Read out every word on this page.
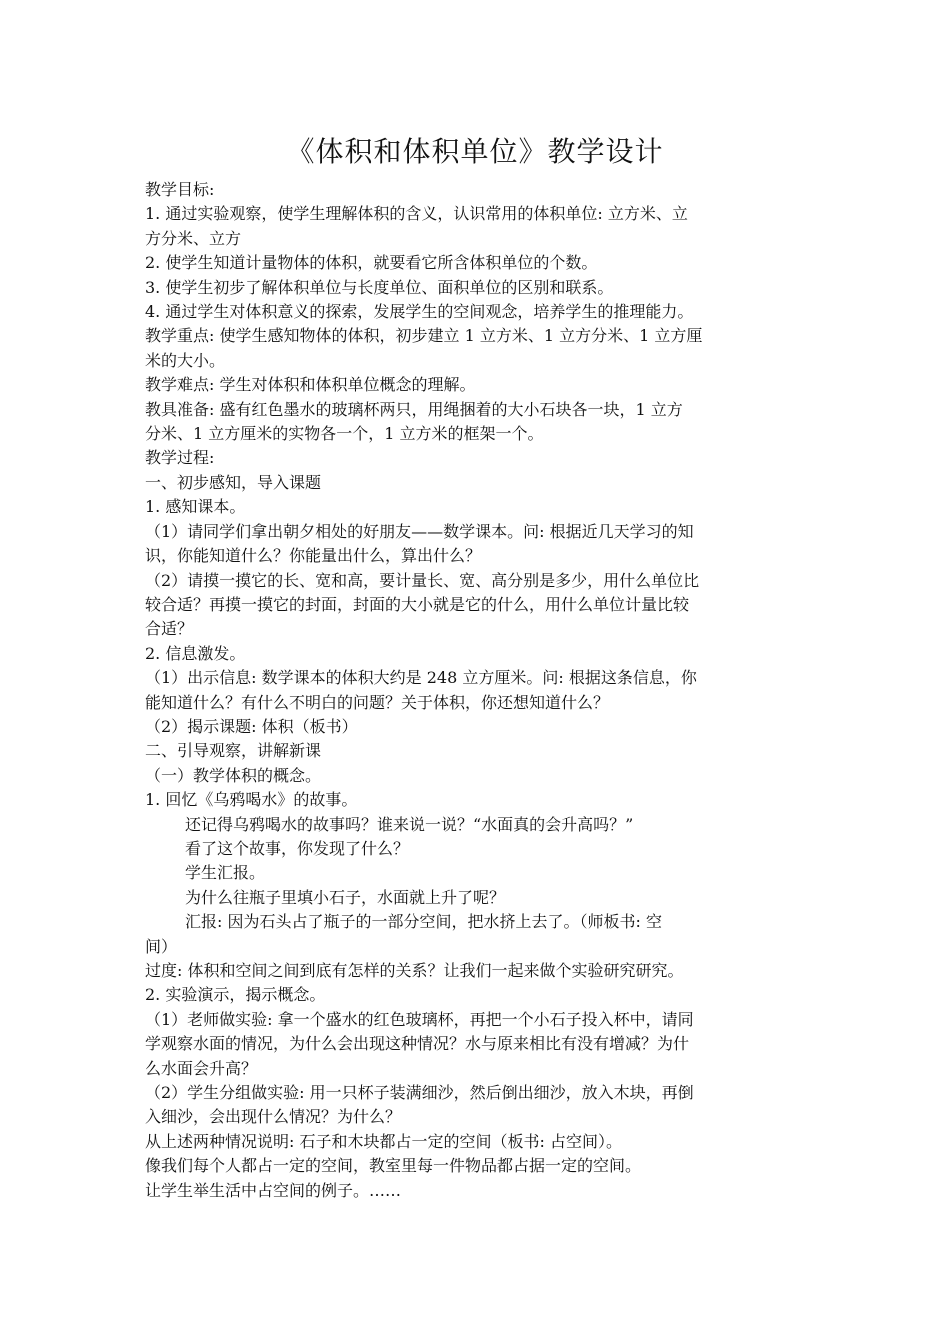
《体积和体积单位》教学设计

教学目标:

1. 通过实验观察，使学生理解体积的含义，认识常用的体积单位: 立方米、立

方分米、立方

2. 使学生知道计量物体的体积，就要看它所含体积单位的个数。

3. 使学生初步了解体积单位与长度单位、面积单位的区别和联系。

4. 通过学生对体积意义的探索，发展学生的空间观念，培养学生的推理能力。

教学重点: 使学生感知物体的体积，初步建立 1 立方米、1 立方分米、1 立方厘

米的大小。

教学难点: 学生对体积和体积单位概念的理解。

教具准备: 盛有红色墨水的玻璃杯两只，用绳捆着的大小石块各一块，1 立方

分米、1 立方厘米的实物各一个，1 立方米的框架一个。

教学过程:

一、初步感知，导入课题

1. 感知课本。

（1）请同学们拿出朝夕相处的好朋友——数学课本。问: 根据近几天学习的知

识，你能知道什么？你能量出什么，算出什么？

（2）请摸一摸它的长、宽和高，要计量长、宽、高分别是多少，用什么单位比

较合适？再摸一摸它的封面，封面的大小就是它的什么，用什么单位计量比较

合适？

2. 信息激发。

（1）出示信息: 数学课本的体积大约是 248 立方厘米。问: 根据这条信息，你

能知道什么？有什么不明白的问题？关于体积，你还想知道什么？

（2）揭示课题: 体积（板书）

二、引导观察，讲解新课

（一）教学体积的概念。

1. 回忆《乌鸦喝水》的故事。

还记得乌鸦喝水的故事吗？谁来说一说？“水面真的会升高吗？”

看了这个故事，你发现了什么？

学生汇报。

为什么往瓶子里填小石子，水面就上升了呢？

汇报: 因为石头占了瓶子的一部分空间，把水挤上去了。（师板书: 空

间）

过度: 体积和空间之间到底有怎样的关系？让我们一起来做个实验研究研究。

2. 实验演示，揭示概念。

（1）老师做实验: 拿一个盛水的红色玻璃杯，再把一个小石子投入杯中，请同

学观察水面的情况，为什么会出现这种情况？水与原来相比有没有增减？为什

么水面会升高？

（2）学生分组做实验: 用一只杯子装满细沙，然后倒出细沙，放入木块，再倒

入细沙，会出现什么情况？为什么？

从上述两种情况说明: 石子和木块都占一定的空间（板书: 占空间）。

像我们每个人都占一定的空间，教室里每一件物品都占据一定的空间。

让学生举生活中占空间的例子。……
